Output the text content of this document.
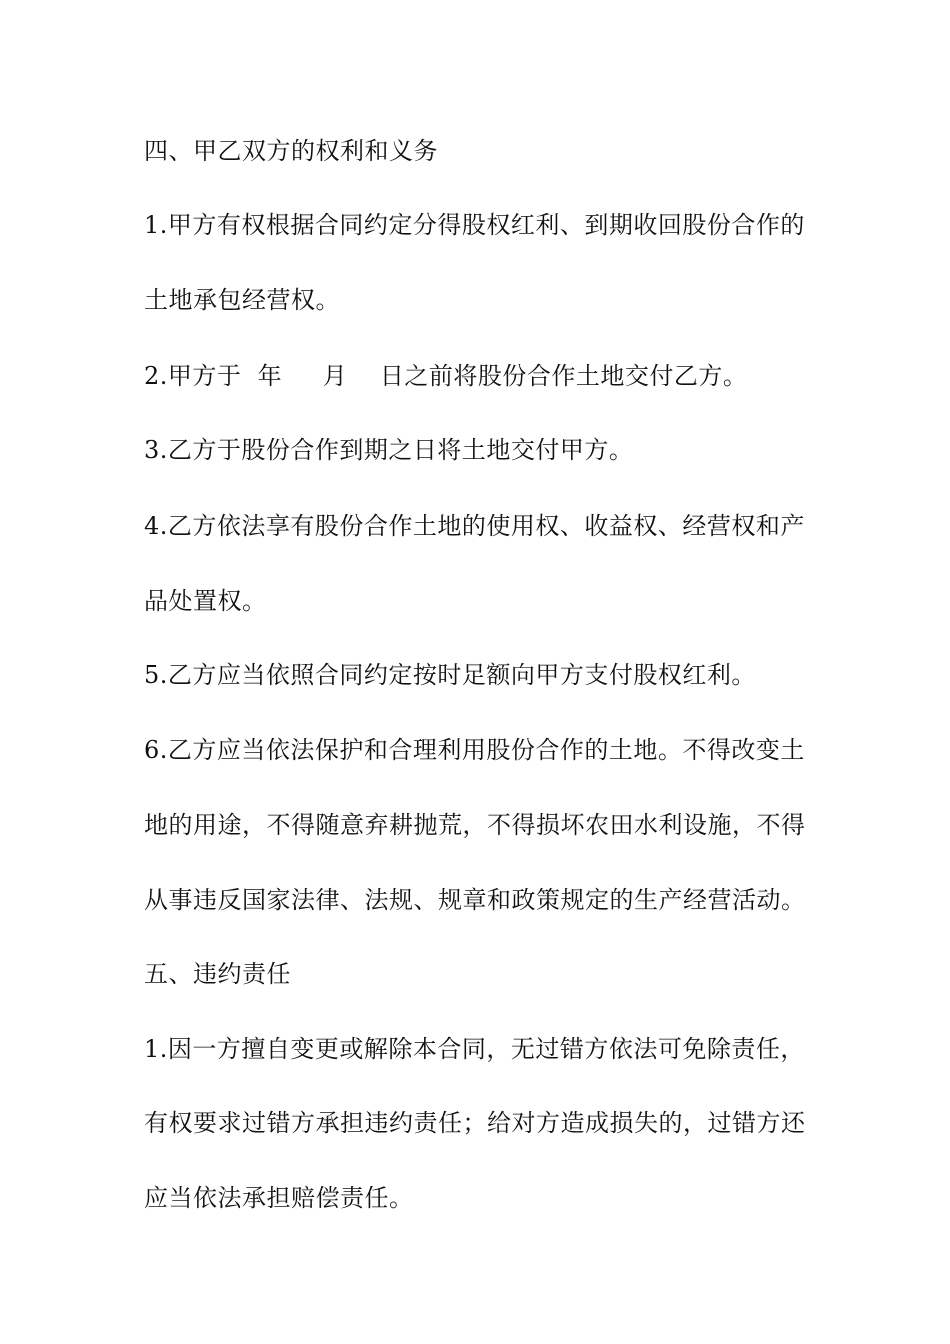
四、甲乙双方的权利和义务
1.甲方有权根据合同约定分得股权红利、到期收回股份合作的
土地承包经营权。
2.甲方于  年     月    日之前将股份合作土地交付乙方。
3.乙方于股份合作到期之日将土地交付甲方。
4.乙方依法享有股份合作土地的使用权、收益权、经营权和产
品处置权。
5.乙方应当依照合同约定按时足额向甲方支付股权红利。
6.乙方应当依法保护和合理利用股份合作的土地。不得改变土
地的用途，不得随意弃耕抛荒，不得损坏农田水利设施，不得
从事违反国家法律、法规、规章和政策规定的生产经营活动。
五、违约责任
1.因一方擅自变更或解除本合同，无过错方依法可免除责任，
有权要求过错方承担违约责任；给对方造成损失的，过错方还
应当依法承担赔偿责任。
